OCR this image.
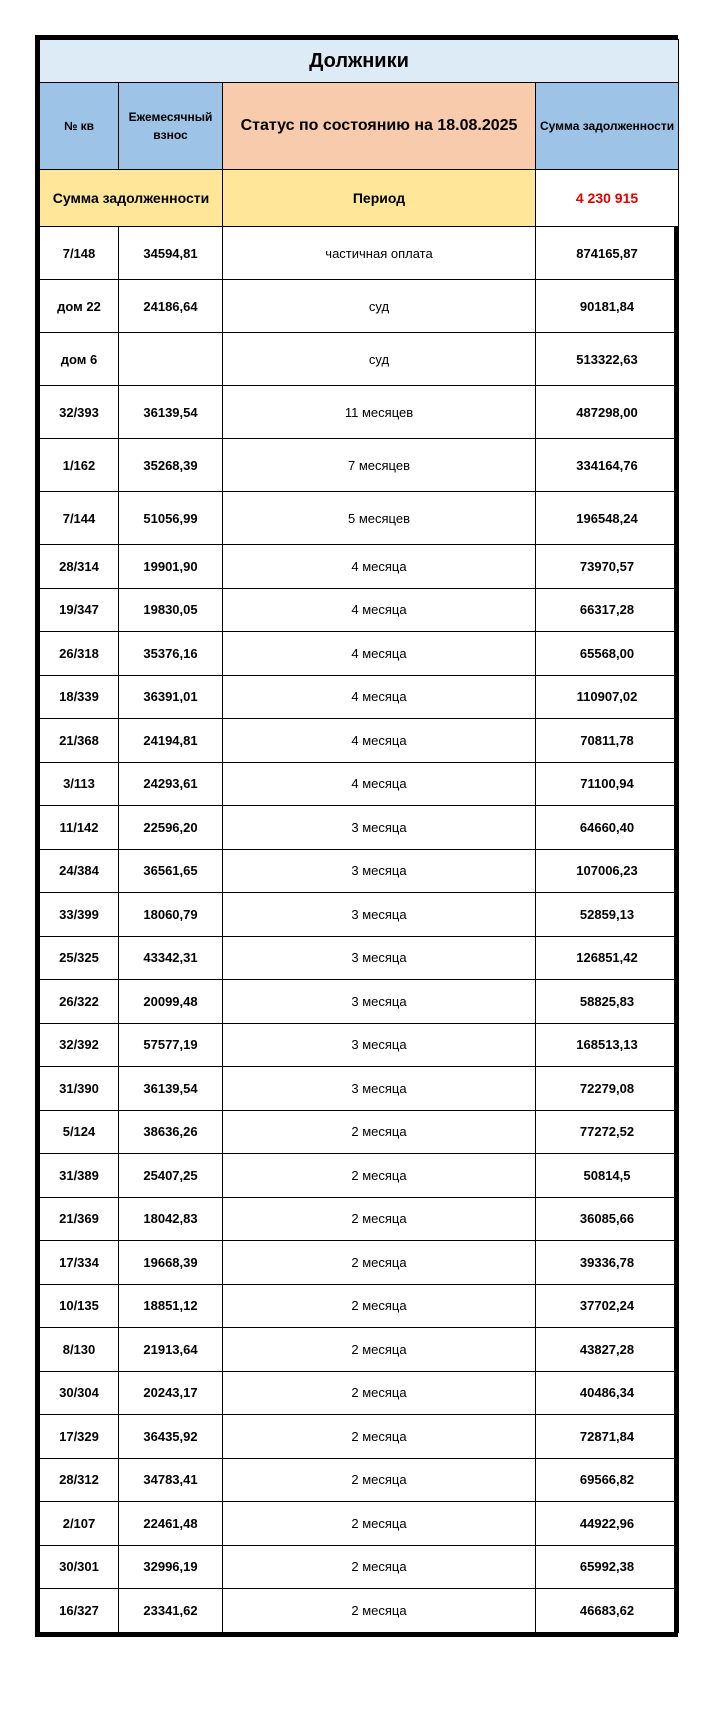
Должники			
№ кв	Ежемесячный взнос	Статус по состоянию на 18.08.2025	Сумма задолженности
Сумма задолженности		Период	4 230 915
7/148	34594,81	частичная оплата	874165,87
дом 22	24186,64	суд	90181,84
дом 6		суд	513322,63
32/393	36139,54	11 месяцев	487298,00
1/162	35268,39	7 месяцев	334164,76
7/144	51056,99	5 месяцев	196548,24
28/314	19901,90	4 месяца	73970,57
19/347	19830,05	4 месяца	66317,28
26/318	35376,16	4 месяца	65568,00
18/339	36391,01	4 месяца	110907,02
21/368	24194,81	4 месяца	70811,78
3/113	24293,61	4 месяца	71100,94
11/142	22596,20	3 месяца	64660,40
24/384	36561,65	3 месяца	107006,23
33/399	18060,79	3 месяца	52859,13
25/325	43342,31	3 месяца	126851,42
26/322	20099,48	3 месяца	58825,83
32/392	57577,19	3 месяца	168513,13
31/390	36139,54	3 месяца	72279,08
5/124	38636,26	2 месяца	77272,52
31/389	25407,25	2 месяца	50814,5
21/369	18042,83	2 месяца	36085,66
17/334	19668,39	2 месяца	39336,78
10/135	18851,12	2 месяца	37702,24
8/130	21913,64	2 месяца	43827,28
30/304	20243,17	2 месяца	40486,34
17/329	36435,92	2 месяца	72871,84
28/312	34783,41	2 месяца	69566,82
2/107	22461,48	2 месяца	44922,96
30/301	32996,19	2 месяца	65992,38
16/327	23341,62	2 месяца	46683,62
